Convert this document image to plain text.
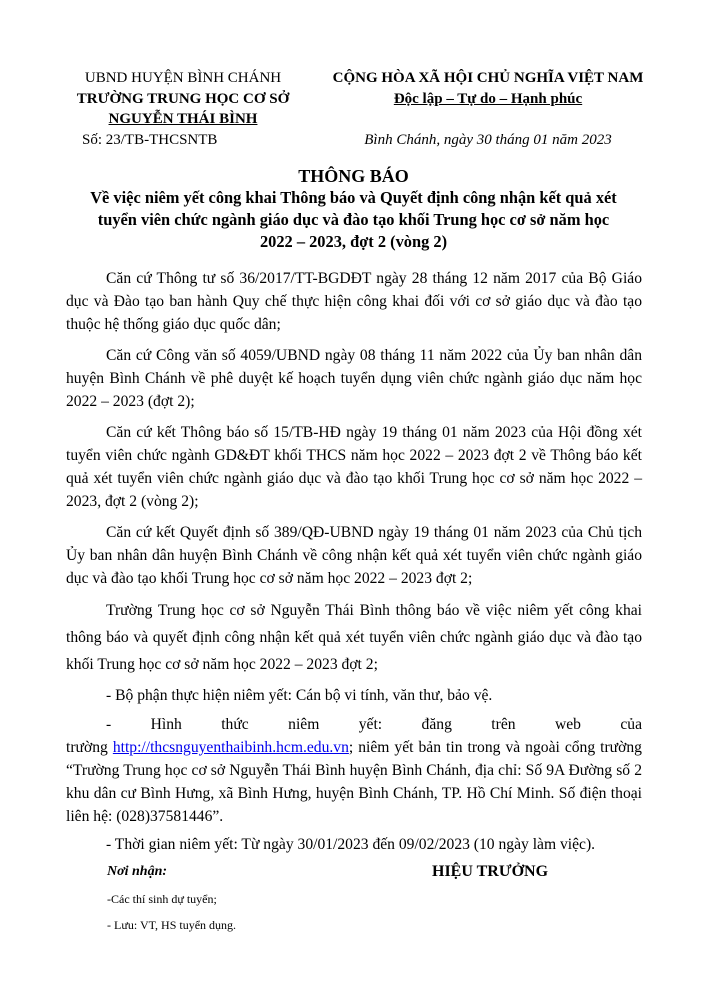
UBND HUYỆN BÌNH CHÁNH
TRƯỜNG TRUNG HỌC CƠ SỞ
NGUYỄN THÁI BÌNH
Số: 23/TB-THCSNTB
CỘNG HÒA XÃ HỘI CHỦ NGHĨA VIỆT NAM
Độc lập – Tự do – Hạnh phúc
Bình Chánh, ngày 30 tháng 01 năm 2023
THÔNG BÁO
Về việc niêm yết công khai Thông báo và Quyết định công nhận kết quả xét
tuyển viên chức ngành giáo dục và đào tạo khối Trung học cơ sở năm học
2022 – 2023, đợt 2 (vòng 2)
Căn cứ Thông tư số 36/2017/TT-BGDĐT ngày 28 tháng 12 năm 2017 của Bộ Giáo dục và Đào tạo ban hành Quy chế thực hiện công khai đối với cơ sở giáo dục và đào tạo thuộc hệ thống giáo dục quốc dân;
Căn cứ Công văn số 4059/UBND ngày 08 tháng 11 năm 2022 của Ủy ban nhân dân huyện Bình Chánh về phê duyệt kế hoạch tuyển dụng viên chức ngành giáo dục năm học 2022 – 2023 (đợt 2);
Căn cứ kết Thông báo số 15/TB-HĐ ngày 19 tháng 01 năm 2023 của Hội đồng xét tuyển viên chức ngành GD&ĐT khối THCS năm học 2022 – 2023 đợt 2 về Thông báo kết quả xét tuyển viên chức ngành giáo dục và đào tạo khối Trung học cơ sở năm học 2022 – 2023, đợt 2 (vòng 2);
Căn cứ kết Quyết định số 389/QĐ-UBND ngày 19 tháng 01 năm 2023 của Chủ tịch Ủy ban nhân dân huyện Bình Chánh về công nhận kết quả xét tuyển viên chức ngành giáo dục và đào tạo khối Trung học cơ sở năm học 2022 – 2023 đợt 2;
Trường Trung học cơ sở Nguyễn Thái Bình thông báo về việc niêm yết công khai thông báo và quyết định công nhận kết quả xét tuyển viên chức ngành giáo dục và đào tạo khối Trung học cơ sở năm học 2022 – 2023 đợt 2;
- Bộ phận thực hiện niêm yết: Cán bộ vi tính, văn thư, bảo vệ.
- Hình thức niêm yết: đăng trên web của trường http://thcsnguyenthaibinh.hcm.edu.vn; niêm yết bản tin trong và ngoài cổng trường “Trường Trung học cơ sở Nguyễn Thái Bình huyện Bình Chánh, địa chỉ: Số 9A Đường số 2 khu dân cư Bình Hưng, xã Bình Hưng, huyện Bình Chánh, TP. Hồ Chí Minh. Số điện thoại liên hệ: (028)37581446”.
- Thời gian niêm yết: Từ ngày 30/01/2023 đến 09/02/2023 (10 ngày làm việc).
Nơi nhận:	HIỆU TRƯỞNG
-Các thí sinh dự tuyển;
- Lưu: VT, HS tuyển dụng.
